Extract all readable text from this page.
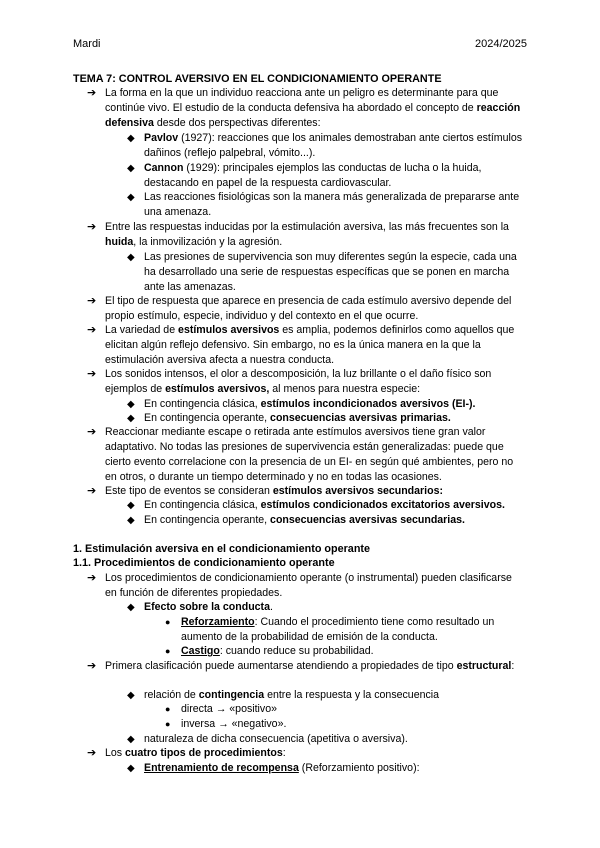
Mardi	2024/2025
TEMA 7: CONTROL AVERSIVO EN EL CONDICIONAMIENTO OPERANTE
➔ La forma en la que un individuo reacciona ante un peligro es determinante para que continúe vivo. El estudio de la conducta defensiva ha abordado el concepto de reacción defensiva desde dos perspectivas diferentes:
◆ Pavlov (1927): reacciones que los animales demostraban ante ciertos estímulos dañinos (reflejo palpebral, vómito...).
◆ Cannon (1929): principales ejemplos las conductas de lucha o la huida, destacando en papel de la respuesta cardiovascular.
◆ Las reacciones fisiológicas son la manera más generalizada de prepararse ante una amenaza.
➔ Entre las respuestas inducidas por la estimulación aversiva, las más frecuentes son la huida, la inmovilización y la agresión.
◆ Las presiones de supervivencia son muy diferentes según la especie, cada una ha desarrollado una serie de respuestas específicas que se ponen en marcha ante las amenazas.
➔ El tipo de respuesta que aparece en presencia de cada estímulo aversivo depende del propio estímulo, especie, individuo y del contexto en el que ocurre.
➔ La variedad de estímulos aversivos es amplia, podemos definirlos como aquellos que elicitan algún reflejo defensivo. Sin embargo, no es la única manera en la que la estimulación aversiva afecta a nuestra conducta.
➔ Los sonidos intensos, el olor a descomposición, la luz brillante o el daño físico son ejemplos de estímulos aversivos, al menos para nuestra especie:
◆ En contingencia clásica, estímulos incondicionados aversivos (EI-).
◆ En contingencia operante, consecuencias aversivas primarias.
➔ Reaccionar mediante escape o retirada ante estímulos aversivos tiene gran valor adaptativo. No todas las presiones de supervivencia están generalizadas: puede que cierto evento correlacione con la presencia de un EI- en según qué ambientes, pero no en otros, o durante un tiempo determinado y no en todas las ocasiones.
➔ Este tipo de eventos se consideran estímulos aversivos secundarios:
◆ En contingencia clásica, estímulos condicionados excitatorios aversivos.
◆ En contingencia operante, consecuencias aversivas secundarias.
1. Estimulación aversiva en el condicionamiento operante
1.1. Procedimientos de condicionamiento operante
➔ Los procedimientos de condicionamiento operante (o instrumental) pueden clasificarse en función de diferentes propiedades.
◆ Efecto sobre la conducta.
● Reforzamiento: Cuando el procedimiento tiene como resultado un aumento de la probabilidad de emisión de la conducta.
● Castigo: cuando reduce su probabilidad.
➔ Primera clasificación puede aumentarse atendiendo a propiedades de tipo estructural:
◆ relación de contingencia entre la respuesta y la consecuencia
● directa → «positivo»
● inversa → «negativo».
◆ naturaleza de dicha consecuencia (apetitiva o aversiva).
➔ Los cuatro tipos de procedimientos:
◆ Entrenamiento de recompensa (Reforzamiento positivo):
